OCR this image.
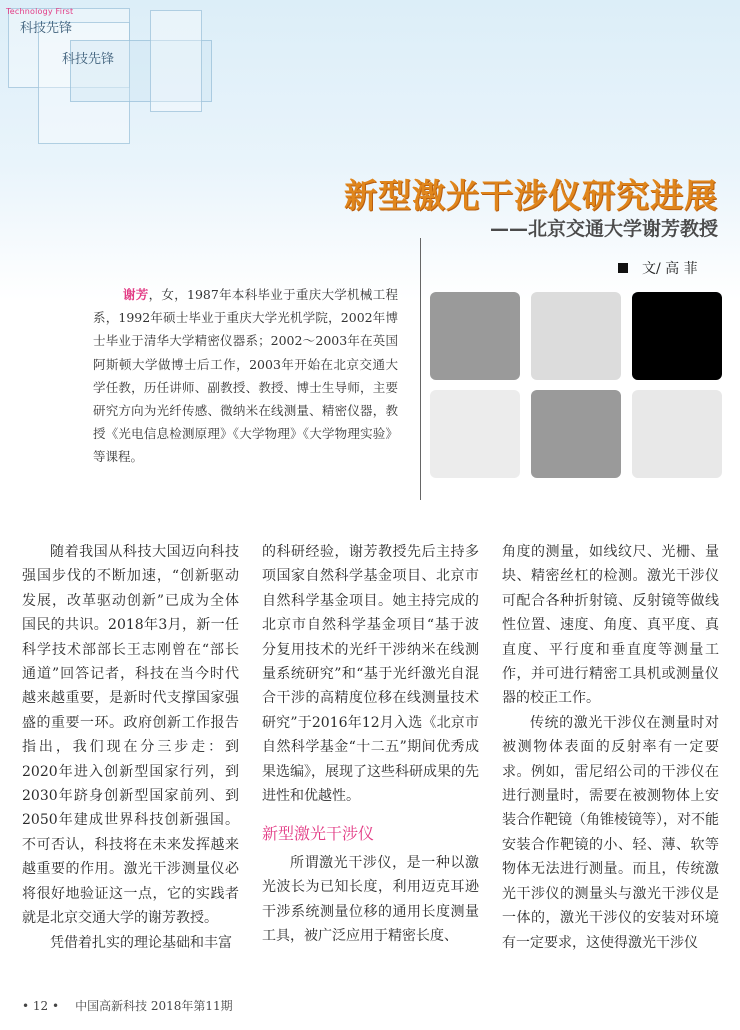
Technology First
科技先锋
科技先锋
新型激光干涉仪研究进展
——北京交通大学谢芳教授
文/ 高 菲
谢芳，女，1987年本科毕业于重庆大学机械工程系，1992年硕士毕业于重庆大学光机学院，2002年博士毕业于清华大学精密仪器系；2002～2003年在英国阿斯顿大学做博士后工作，2003年开始在北京交通大学任教，历任讲师、副教授、教授、博士生导师，主要研究方向为光纤传感、微纳米在线测量、精密仪器，教授《光电信息检测原理》《大学物理》《大学物理实验》等课程。

随着我国从科技大国迈向科技强国步伐的不断加速，“创新驱动发展，改革驱动创新”已成为全体国民的共识。2018年3月，新一任科学技术部部长王志刚曾在“部长通道”回答记者，科技在当今时代越来越重要，是新时代支撑国家强盛的重要一环。政府创新工作报告指出，我们现在分三步走：到2020年进入创新型国家行列，到2030年跻身创新型国家前列、到2050年建成世界科技创新强国。不可否认，科技将在未来发挥越来越重要的作用。激光干涉测量仪必将很好地验证这一点，它的实践者就是北京交通大学的谢芳教授。

凭借着扎实的理论基础和丰富

的科研经验，谢芳教授先后主持多项国家自然科学基金项目、北京市自然科学基金项目。她主持完成的北京市自然科学基金项目“基于波分复用技术的光纤干涉纳米在线测量系统研究”和“基于光纤激光自混合干涉的高精度位移在线测量技术研究”于2016年12月入选《北京市自然科学基金“十二五”期间优秀成果选编》，展现了这些科研成果的先进性和优越性。

新型激光干涉仪

所谓激光干涉仪，是一种以激光波长为已知长度，利用迈克耳逊干涉系统测量位移的通用长度测量工具，被广泛应用于精密长度、

角度的测量，如线纹尺、光栅、量块、精密丝杠的检测。激光干涉仪可配合各种折射镜、反射镜等做线性位置、速度、角度、真平度、真直度、平行度和垂直度等测量工作，并可进行精密工具机或测量仪器的校正工作。

传统的激光干涉仪在测量时对被测物体表面的反射率有一定要求。例如，雷尼绍公司的干涉仪在进行测量时，需要在被测物体上安装合作靶镜（角锥棱镜等），对不能安装合作靶镜的小、轻、薄、软等物体无法进行测量。而且，传统激光干涉仪的测量头与激光干涉仪是一体的，激光干涉仪的安装对环境有一定要求，这使得激光干涉仪

• 12 • 中国高新科技 2018年第11期
